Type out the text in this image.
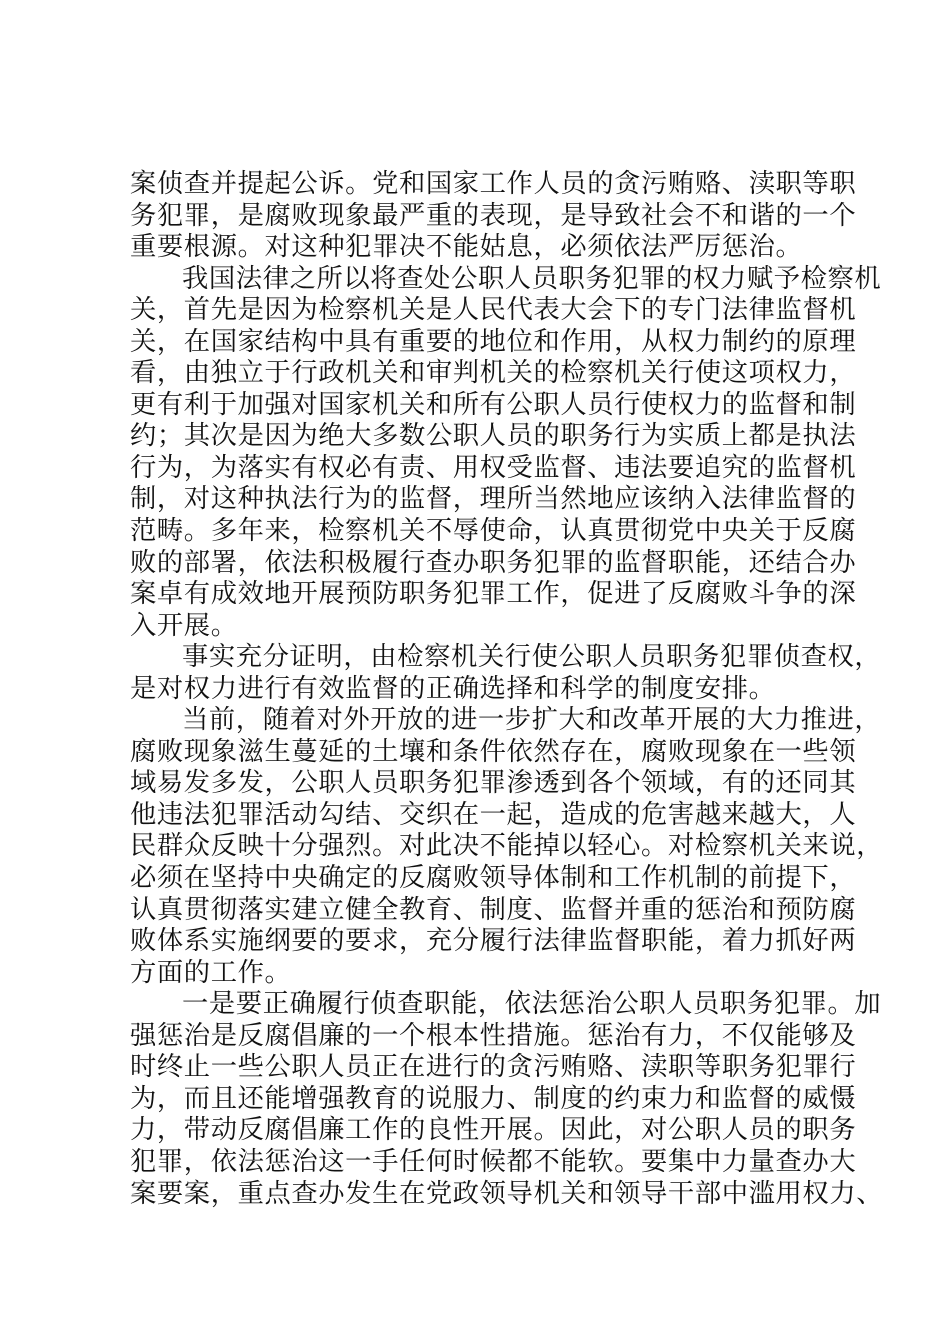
案侦查并提起公诉。党和国家工作人员的贪污贿赂、渎职等职
务犯罪，是腐败现象最严重的表现，是导致社会不和谐的一个
重要根源。对这种犯罪决不能姑息，必须依法严厉惩治。
我国法律之所以将查处公职人员职务犯罪的权力赋予检察机
关，首先是因为检察机关是人民代表大会下的专门法律监督机
关，在国家结构中具有重要的地位和作用，从权力制约的原理
看，由独立于行政机关和审判机关的检察机关行使这项权力，
更有利于加强对国家机关和所有公职人员行使权力的监督和制
约；其次是因为绝大多数公职人员的职务行为实质上都是执法
行为，为落实有权必有责、用权受监督、违法要追究的监督机
制，对这种执法行为的监督，理所当然地应该纳入法律监督的
范畴。多年来，检察机关不辱使命，认真贯彻党中央关于反腐
败的部署，依法积极履行查办职务犯罪的监督职能，还结合办
案卓有成效地开展预防职务犯罪工作，促进了反腐败斗争的深
入开展。
事实充分证明，由检察机关行使公职人员职务犯罪侦查权，
是对权力进行有效监督的正确选择和科学的制度安排。
当前，随着对外开放的进一步扩大和改革开展的大力推进，
腐败现象滋生蔓延的土壤和条件依然存在，腐败现象在一些领
域易发多发，公职人员职务犯罪渗透到各个领域，有的还同其
他违法犯罪活动勾结、交织在一起，造成的危害越来越大，人
民群众反映十分强烈。对此决不能掉以轻心。对检察机关来说，
必须在坚持中央确定的反腐败领导体制和工作机制的前提下，
认真贯彻落实建立健全教育、制度、监督并重的惩治和预防腐
败体系实施纲要的要求，充分履行法律监督职能，着力抓好两
方面的工作。
一是要正确履行侦查职能，依法惩治公职人员职务犯罪。加
强惩治是反腐倡廉的一个根本性措施。惩治有力，不仅能够及
时终止一些公职人员正在进行的贪污贿赂、渎职等职务犯罪行
为，而且还能增强教育的说服力、制度的约束力和监督的威慑
力，带动反腐倡廉工作的良性开展。因此，对公职人员的职务
犯罪，依法惩治这一手任何时候都不能软。要集中力量查办大
案要案，重点查办发生在党政领导机关和领导干部中滥用权力、
